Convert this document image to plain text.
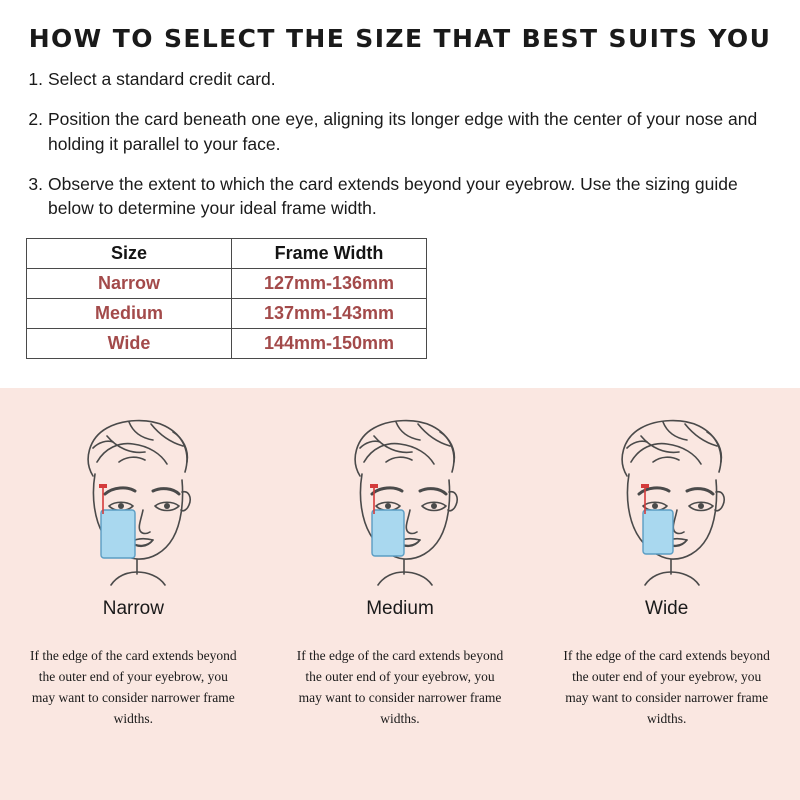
HOW TO SELECT THE SIZE THAT BEST SUITS YOU
1. Select a standard credit card.
2. Position the card beneath one eye, aligning its longer edge with the center of your nose and holding it parallel to your face.
3. Observe the extent to which the card extends beyond your eyebrow. Use the sizing guide below to determine your ideal frame width.
Size	Frame Width
Narrow	127mm-136mm
Medium	137mm-143mm
Wide	144mm-150mm
Narrow
If the edge of the card extends beyond the outer end of your eyebrow, you may want to consider narrower frame widths.
Medium
If the edge of the card extends beyond the outer end of your eyebrow, you may want to consider narrower frame widths.
Wide
If the edge of the card extends beyond the outer end of your eyebrow, you may want to consider narrower frame widths.
